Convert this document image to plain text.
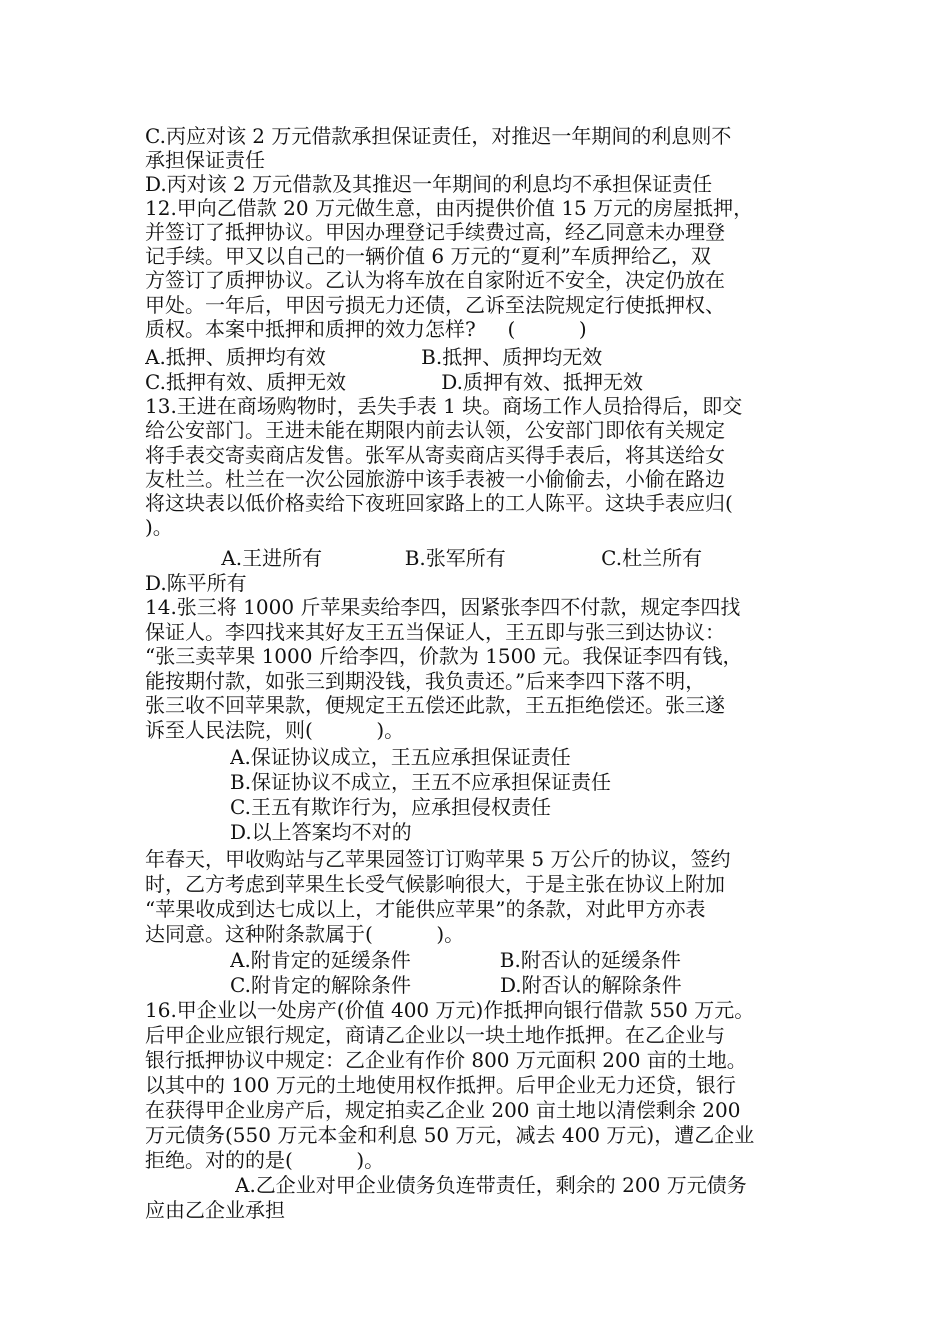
C.丙应对该 2 万元借款承担保证责任，对推迟一年期间的利息则不
承担保证责任
D.丙对该 2 万元借款及其推迟一年期间的利息均不承担保证责任
12.甲向乙借款 20 万元做生意，由丙提供价值 15 万元的房屋抵押，
并签订了抵押协议。甲因办理登记手续费过高，经乙同意未办理登
记手续。甲又以自己的一辆价值 6 万元的“夏利”车质押给乙，双
方签订了质押协议。乙认为将车放在自家附近不安全，决定仍放在
甲处。一年后，甲因亏损无力还债，乙诉至法院规定行使抵押权、
质权。本案中抵押和质押的效力怎样?     (          )
A.抵押、质押均有效               B.抵押、质押均无效
C.抵押有效、质押无效               D.质押有效、抵押无效
13.王进在商场购物时，丢失手表 1 块。商场工作人员拾得后，即交
给公安部门。王进未能在期限内前去认领，公安部门即依有关规定
将手表交寄卖商店发售。张军从寄卖商店买得手表后，将其送给女
友杜兰。杜兰在一次公园旅游中该手表被一小偷偷去，小偷在路边
将这块表以低价格卖给下夜班回家路上的工人陈平。这块手表应归(
)。
A.王进所有             B.张军所有               C.杜兰所有
D.陈平所有
14.张三将 1000 斤苹果卖给李四，因紧张李四不付款，规定李四找
保证人。李四找来其好友王五当保证人，王五即与张三到达协议：
“张三卖苹果 1000 斤给李四，价款为 1500 元。我保证李四有钱，
能按期付款，如张三到期没钱，我负责还。”后来李四下落不明，
张三收不回苹果款，便规定王五偿还此款，王五拒绝偿还。张三遂
诉至人民法院，则(          )。
A.保证协议成立，王五应承担保证责任
B.保证协议不成立，王五不应承担保证责任
C.王五有欺诈行为，应承担侵权责任
D.以上答案均不对的
年春天，甲收购站与乙苹果园签订订购苹果 5 万公斤的协议，签约
时，乙方考虑到苹果生长受气候影响很大，于是主张在协议上附加
“苹果收成到达七成以上，才能供应苹果”的条款，对此甲方亦表
达同意。这种附条款属于(          )。
A.附肯定的延缓条件              B.附否认的延缓条件
C.附肯定的解除条件              D.附否认的解除条件
16.甲企业以一处房产(价值 400 万元)作抵押向银行借款 550 万元。
后甲企业应银行规定，商请乙企业以一块土地作抵押。在乙企业与
银行抵押协议中规定：乙企业有作价 800 万元面积 200 亩的土地。
以其中的 100 万元的土地使用权作抵押。后甲企业无力还贷，银行
在获得甲企业房产后，规定拍卖乙企业 200 亩土地以清偿剩余 200
万元债务(550 万元本金和利息 50 万元，减去 400 万元)，遭乙企业
拒绝。对的的是(          )。
A.乙企业对甲企业债务负连带责任，剩余的 200 万元债务
应由乙企业承担
